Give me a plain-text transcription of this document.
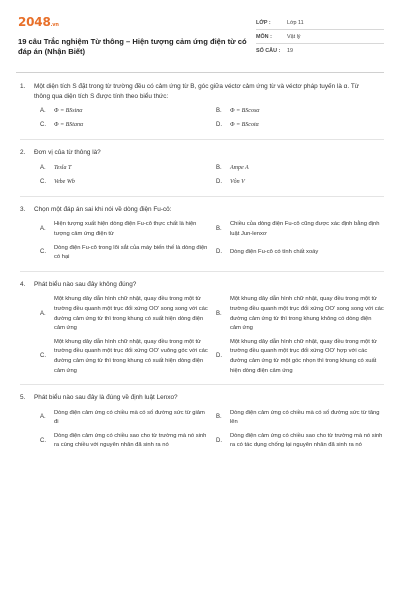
2048.vn
19 câu Trắc nghiệm Từ thông – Hiện tượng cảm ứng điện từ có đáp án (Nhận Biết)
LỚP :	Lớp 11
MÔN :	Vật lý
SỐ CÂU :	19
1.	Một diện tích S đặt trong từ trường đều có cảm ứng từ B, góc giữa véctơ cảm ứng từ và véctơ pháp tuyến là α. Từ thông qua diện tích S được tính theo biểu thức:
A.	Φ = BSsinα	B.	Φ = BScosα
C.	Φ = BStanα	D.	Φ = BScotα
2.	Đơn vị của từ thông là?
A.	Tesla T	B.	Ampe A
C.	Vebe Wb	D.	Vôn V
3.	Chọn một đáp án sai khi nói về dòng điện Fu-cô:
A.
Hiện tượng xuất hiện dòng điện Fu-cô thực chất là hiện tượng cảm ứng điện từ
B.
Chiều của dòng điện Fu-cô cũng được xác định bằng định luật Jun-lenxơ
C.
Dòng điện Fu-cô trong lõi sắt của máy biến thế là dòng điện có hại
D.	Dòng điện Fu-cô có tính chất xoáy
4.	Phát biểu nào sau đây không đúng?
A.
Một khung dây dẫn hình chữ nhật, quay đều trong một từ trường đều quanh một trục đối xứng OO' song song với các đường cảm ứng từ thì trong khung có xuất hiện dòng điện cảm ứng
B.
Một khung dây dẫn hình chữ nhật, quay đều trong một từ trường đều quanh một trục đối xứng OO' song song với các đường cảm ứng từ thì trong khung không có dòng điện cảm ứng
C.
Một khung dây dẫn hình chữ nhật, quay đều trong một từ trường đều quanh một trục đối xứng OO' vuông góc với các đường cảm ứng từ thì trong khung có xuất hiện dòng điện cảm ứng
D.
Một khung dây dẫn hình chữ nhật, quay đều trong một từ trường đều quanh một trục đối xứng OO' hợp với các đường cảm ứng từ một góc nhọn thì trong khung có xuất hiện dòng điện cảm ứng
5.	Phát biểu nào sau đây là đúng về định luật Lenxo?
A.
Dòng điện cảm ứng có chiều mà có số đường sức từ giảm đi
B.
Dòng điện cảm ứng có chiều mà có số đường sức từ tăng lên
C.
Dòng điện cảm ứng có chiều sao cho từ trường mà nó sinh ra cùng chiều với nguyên nhân đã sinh ra nó
D.
Dòng điện cảm ứng có chiều sao cho từ trường mà nó sinh ra có tác dụng chống lại nguyên nhân đã sinh ra nó
